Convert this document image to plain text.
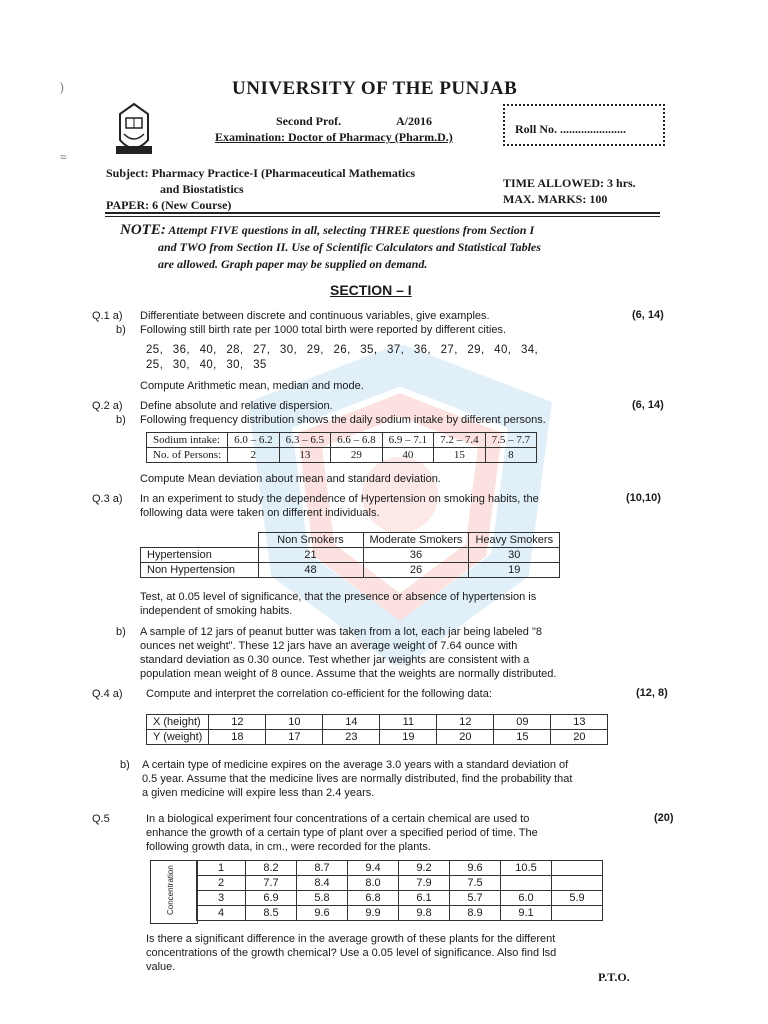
)
≈
UNIVERSITY OF THE PUNJAB
Second Prof.	A/2016
Examination: Doctor of Pharmacy (Pharm.D.)
Roll No. ......................
Subject: Pharmacy Practice-I (Pharmaceutical Mathematics
and Biostatistics
PAPER: 6 (New Course)
TIME ALLOWED: 3 hrs.
MAX. MARKS: 100
NOTE: Attempt FIVE questions in all, selecting THREE questions from Section I
and TWO from Section II. Use of Scientific Calculators and Statistical Tables
are allowed. Graph paper may be supplied on demand.
SECTION – I
Q.1 a) Differentiate between discrete and continuous variables, give examples.	(6, 14)
b) Following still birth rate per 1000 total birth were reported by different cities.
25, 36, 40, 28, 27, 30, 29, 26, 35, 37, 36, 27, 29, 40, 34,
25, 30, 40, 30, 35
Compute Arithmetic mean, median and mode.
Q.2 a) Define absolute and relative dispersion.	(6, 14)
b) Following frequency distribution shows the daily sodium intake by different persons.
Sodium intake:	6.0 – 6.2	6.3 – 6.5	6.6 – 6.8	6.9 – 7.1	7.2 – 7.4	7.5 – 7.7
No. of Persons:	2	13	29	40	15	8
Compute Mean deviation about mean and standard deviation.
Q.3 a) In an experiment to study the dependence of Hypertension on smoking habits, the	(10,10)
following data were taken on different individuals.
	Non Smokers	Moderate Smokers	Heavy Smokers
Hypertension	21	36	30
Non Hypertension	48	26	19
Test, at 0.05 level of significance, that the presence or absence of hypertension is
independent of smoking habits.
b) A sample of 12 jars of peanut butter was taken from a lot, each jar being labeled "8
ounces net weight". These 12 jars have an average weight of 7.64 ounce with
standard deviation as 0.30 ounce. Test whether jar weights are consistent with a
population mean weight of 8 ounce. Assume that the weights are normally distributed.
Q.4 a) Compute and interpret the correlation co-efficient for the following data:	(12, 8)
X (height)	12	10	14	11	12	09	13
Y (weight)	18	17	23	19	20	15	20
b) A certain type of medicine expires on the average 3.0 years with a standard deviation of
0.5 year. Assume that the medicine lives are normally distributed, find the probability that
a given medicine will expire less than 2.4 years.
Q.5	In a biological experiment four concentrations of a certain chemical are used to	(20)
enhance the growth of a certain type of plant over a specified period of time. The
following growth data, in cm., were recorded for the plants.
Concentration	1	8.2	8.7	9.4	9.2	9.6	10.5	
2	7.7	8.4	8.0	7.9	7.5		
3	6.9	5.8	6.8	6.1	5.7	6.0	5.9
4	8.5	9.6	9.9	9.8	8.9	9.1	
Is there a significant difference in the average growth of these plants for the different
concentrations of the growth chemical? Use a 0.05 level of significance. Also find lsd
value.
P.T.O.
